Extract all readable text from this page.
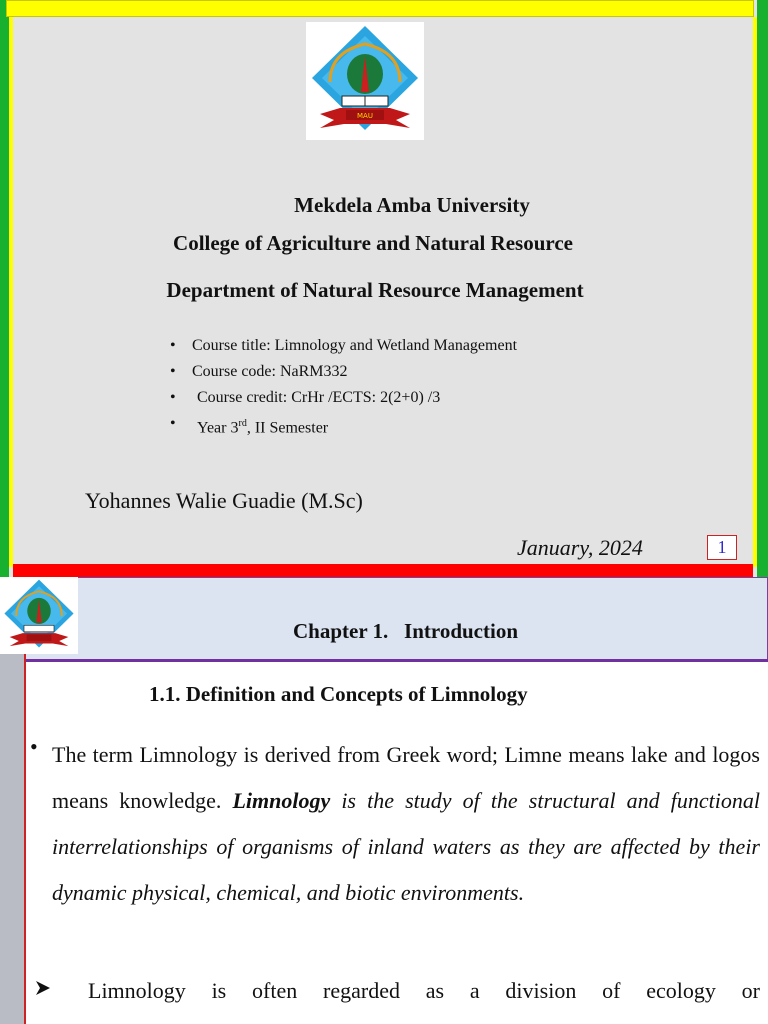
MAU
Mekdela Amba University
College of Agriculture and Natural Resource
Department of Natural Resource Management
• Course title: Limnology and Wetland Management
• Course code: NaRM332
• Course credit: CrHr /ECTS: 2(2+0) /3
• Year 3rd, II Semester
Yohannes Walie Guadie (M.Sc)
January, 2024	1
Chapter 1.   Introduction
1.1. Definition and Concepts of Limnology
• The term Limnology is derived from Greek word; Limne means lake and logos means knowledge. Limnology is the study of the structural and functional interrelationships of organisms of inland waters as they are affected by their dynamic physical, chemical, and biotic environments.
Limnology is often regarded as a division of ecology or
